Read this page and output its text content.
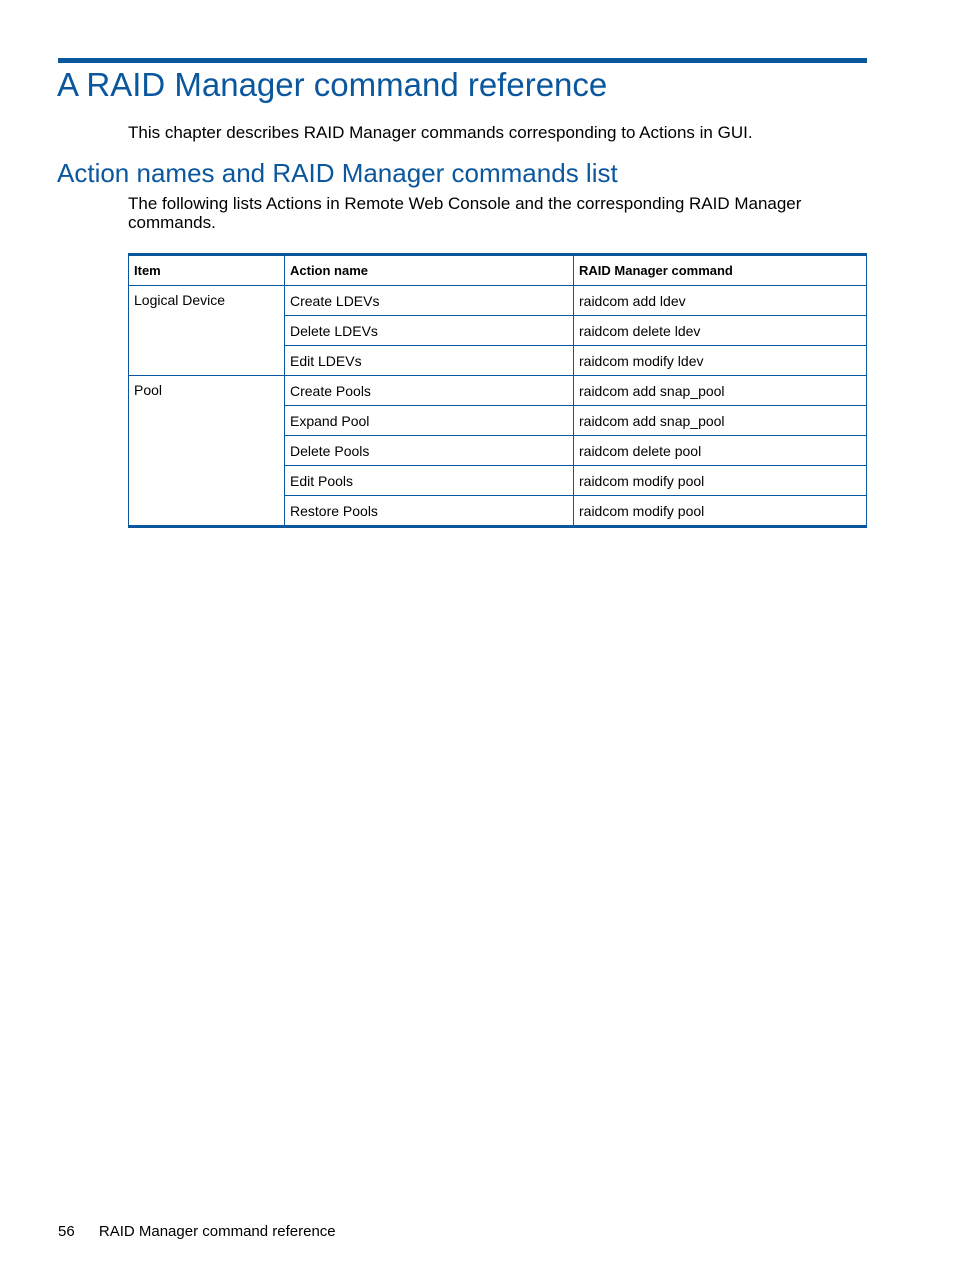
A RAID Manager command reference

This chapter describes RAID Manager commands corresponding to Actions in GUI.

Action names and RAID Manager commands list

The following lists Actions in Remote Web Console and the corresponding RAID Manager commands.

Item	Action name	RAID Manager command
Logical Device	Create LDEVs	raidcom add ldev
	Delete LDEVs	raidcom delete ldev
	Edit LDEVs	raidcom modify ldev
Pool	Create Pools	raidcom add snap_pool
	Expand Pool	raidcom add snap_pool
	Delete Pools	raidcom delete pool
	Edit Pools	raidcom modify pool
	Restore Pools	raidcom modify pool
56 RAID Manager command reference
